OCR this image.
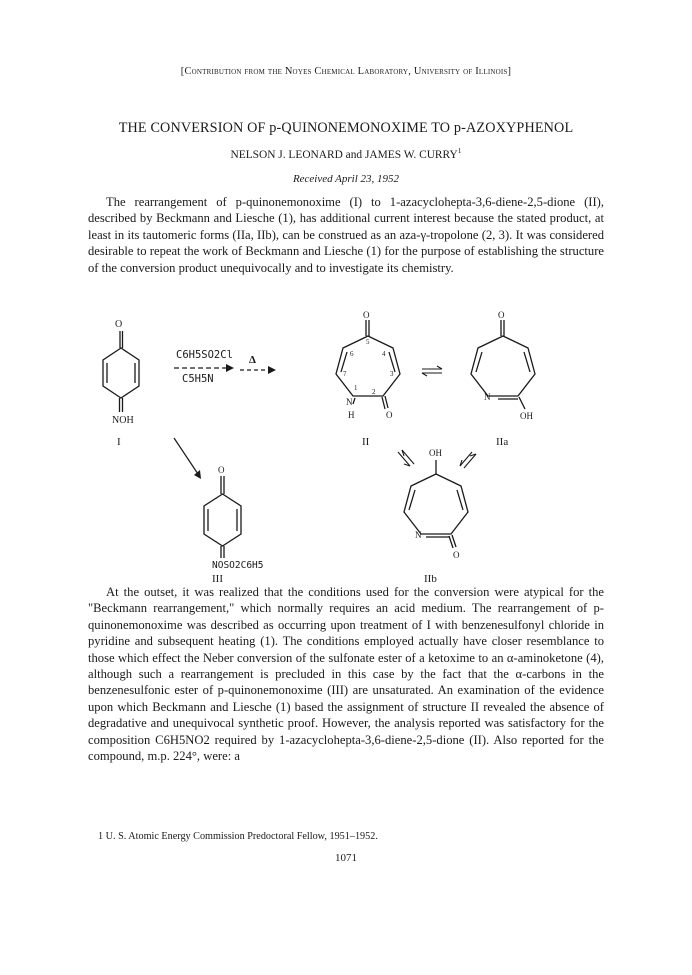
[Contribution from the Noyes Chemical Laboratory, University of Illinois]
THE CONVERSION OF p-QUINONEMONOXIME TO p-AZOXYPHENOL
NELSON J. LEONARD and JAMES W. CURRY$^1$
Received April 23, 1952

The rearrangement of p-quinonemonoxime (I) to 1-azacyclohepta-3,6-diene-2,5-dione (II), described by Beckmann and Liesche (1), has additional current interest because the stated product, at least in its tautomeric forms (IIa, IIb), can be construed as an aza-γ-tropolone (2, 3). It was considered desirable to repeat the work of Beckmann and Liesche (1) for the purpose of establishing the structure of the conversion product unequivocally and to investigate its chemistry.

O
NOH
C6H5SO2Cl
C5H5N
Δ
O
6	4
7	3
1 2
5
N
H	O
O
N
OH
I	II	IIa
O
NOSO2C6H5
III
OH
N
O
IIb

At the outset, it was realized that the conditions used for the conversion were atypical for the "Beckmann rearrangement," which normally requires an acid medium. The rearrangement of p-quinonemonoxime was described as occurring upon treatment of I with benzenesulfonyl chloride in pyridine and subsequent heating (1). The conditions employed actually have closer resemblance to those which effect the Neber conversion of the sulfonate ester of a ketoxime to an α-aminoketone (4), although such a rearrangement is precluded in this case by the fact that the α-carbons in the benzenesulfonic ester of p-quinonemonoxime (III) are unsaturated. An examination of the evidence upon which Beckmann and Liesche (1) based the assignment of structure II revealed the absence of degradative and unequivocal synthetic proof. However, the analysis reported was satisfactory for the composition C6H5NO2 required by 1-azacyclohepta-3,6-diene-2,5-dione (II). Also reported for the compound, m.p. 224°, were: a

1 U. S. Atomic Energy Commission Predoctoral Fellow, 1951–1952.
1071
